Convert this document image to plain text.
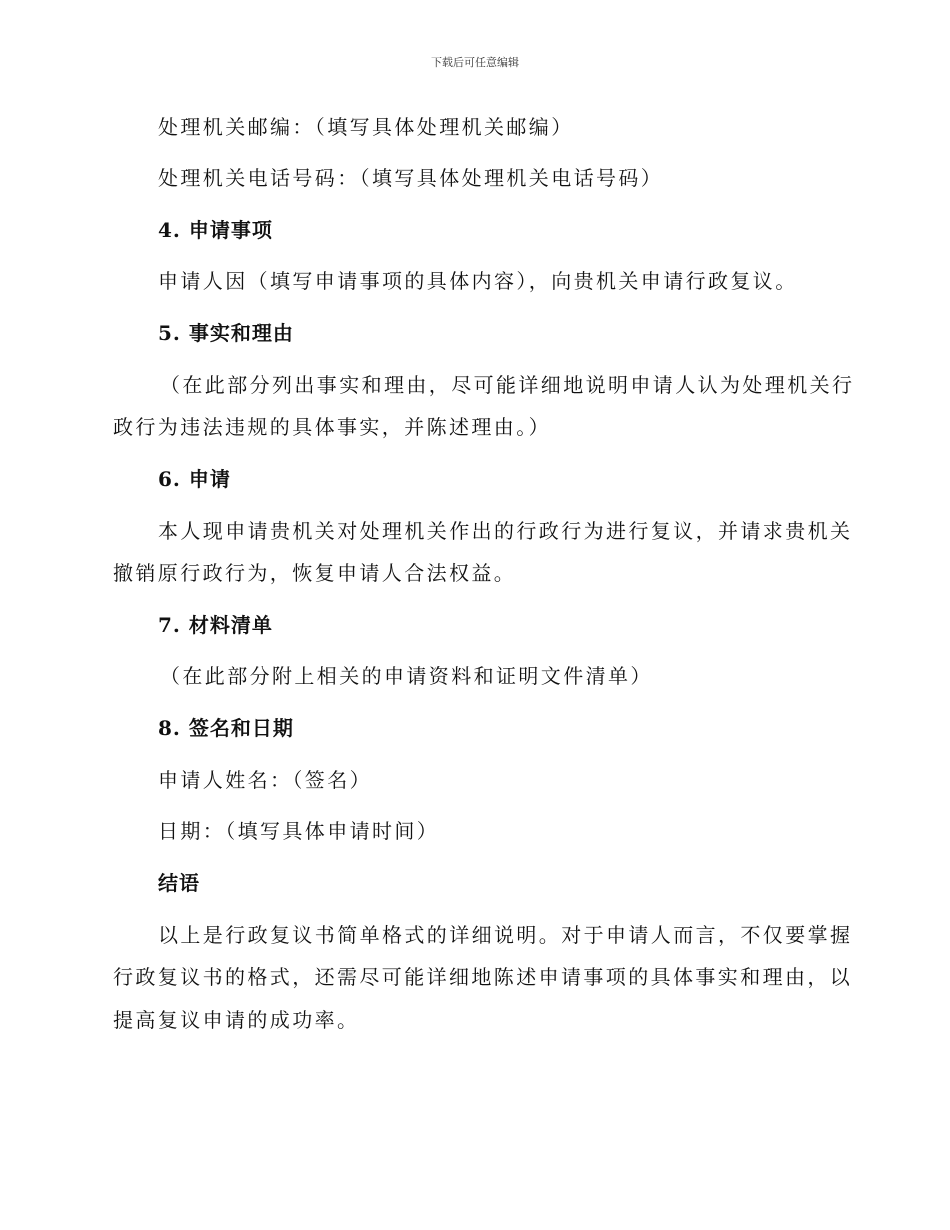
下载后可任意编辑
处理机关邮编：（填写具体处理机关邮编）
处理机关电话号码：（填写具体处理机关电话号码）
4. 申请事项
申请人因（填写申请事项的具体内容），向贵机关申请行政复议。
5. 事实和理由
（在此部分列出事实和理由，尽可能详细地说明申请人认为处理机关行
政行为违法违规的具体事实，并陈述理由。）
6. 申请
本人现申请贵机关对处理机关作出的行政行为进行复议，并请求贵机关
撤销原行政行为，恢复申请人合法权益。
7. 材料清单
（在此部分附上相关的申请资料和证明文件清单）
8. 签名和日期
申请人姓名：（签名）
日期：（填写具体申请时间）
结语
以上是行政复议书简单格式的详细说明。对于申请人而言，不仅要掌握
行政复议书的格式，还需尽可能详细地陈述申请事项的具体事实和理由，以
提高复议申请的成功率。
